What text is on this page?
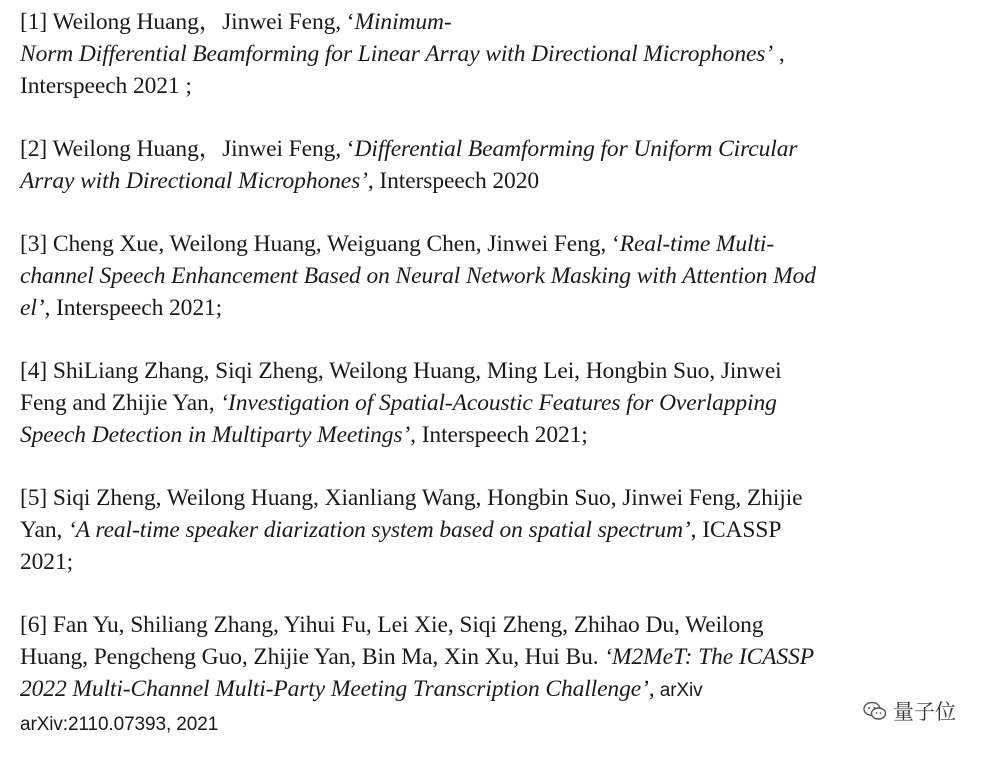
[1] Weilong Huang，Jinwei Feng, ‘Minimum-
Norm Differential Beamforming for Linear Array with Directional Microphones’ ,
Interspeech 2021 ;
[2] Weilong Huang，Jinwei Feng, ‘Differential Beamforming for Uniform Circular
Array with Directional Microphones’, Interspeech 2020
[3] Cheng Xue, Weilong Huang, Weiguang Chen, Jinwei Feng, ‘Real-time Multi-
channel Speech Enhancement Based on Neural Network Masking with Attention Mod
el’, Interspeech 2021;
[4] ShiLiang Zhang, Siqi Zheng, Weilong Huang, Ming Lei, Hongbin Suo, Jinwei
Feng and Zhijie Yan, ‘Investigation of Spatial-Acoustic Features for Overlapping
Speech Detection in Multiparty Meetings’, Interspeech 2021;
[5] Siqi Zheng, Weilong Huang, Xianliang Wang, Hongbin Suo, Jinwei Feng, Zhijie
Yan, ‘A real-time speaker diarization system based on spatial spectrum’, ICASSP
2021;
[6] Fan Yu, Shiliang Zhang, Yihui Fu, Lei Xie, Siqi Zheng, Zhihao Du, Weilong
Huang, Pengcheng Guo, Zhijie Yan, Bin Ma, Xin Xu, Hui Bu. ‘M2MeT: The ICASSP
2022 Multi-Channel Multi-Party Meeting Transcription Challenge’, arXiv
arXiv:2110.07393, 2021
量子位
